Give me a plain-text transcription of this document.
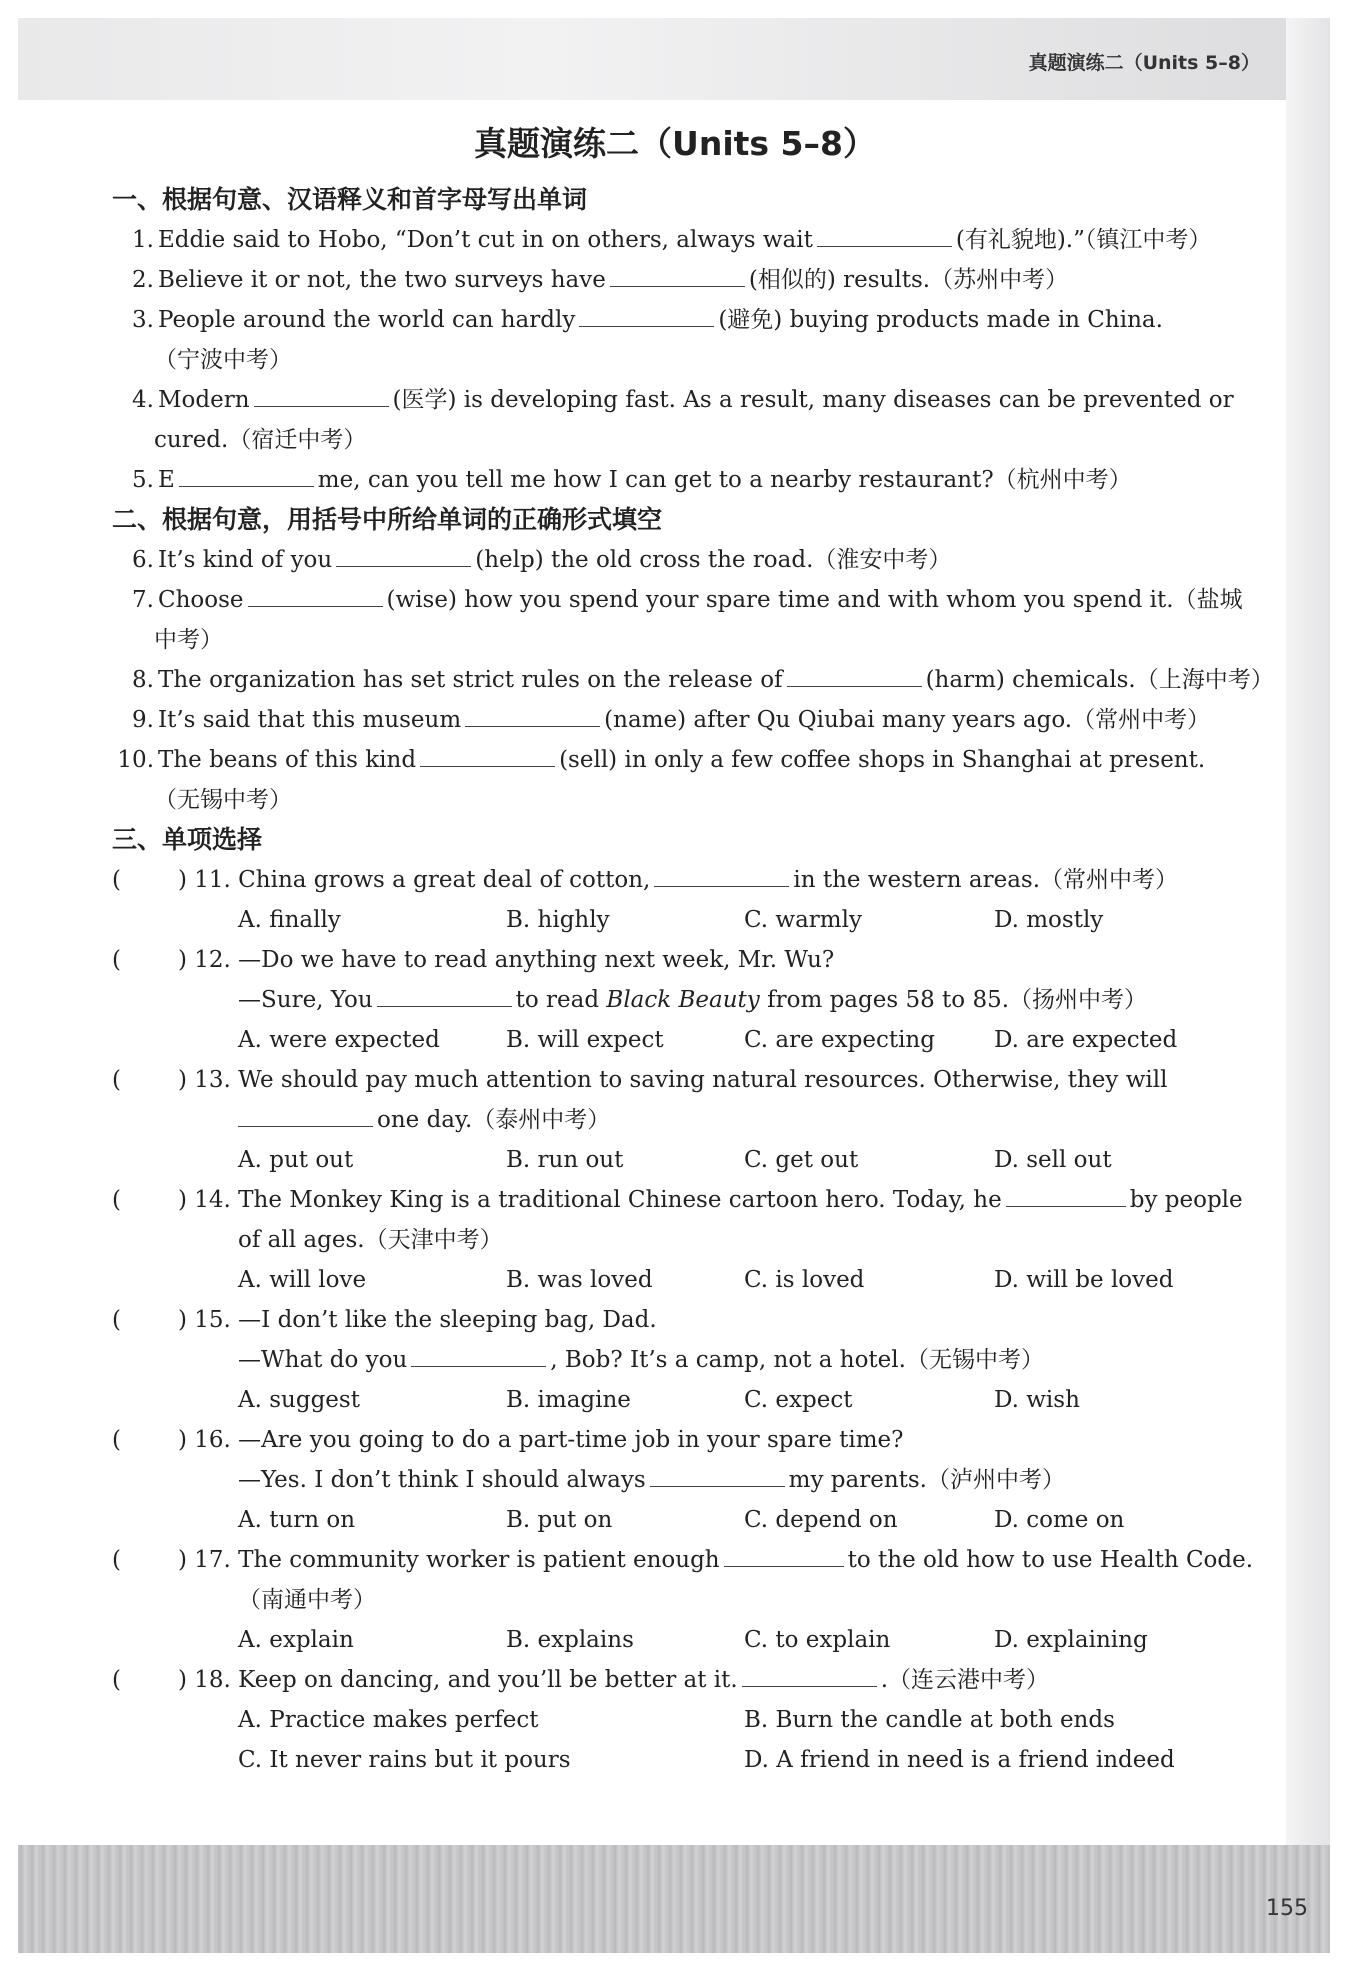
真题演练二（Units 5–8）
真题演练二（Units 5–8）
一、根据句意、汉语释义和首字母写出单词
1. Eddie said to Hobo, “Don’t cut in on others, always wait	(有礼貌地).”（镇江中考）
2. Believe it or not, the two surveys have	(相似的) results.（苏州中考）
3. People around the world can hardly	(避免) buying products made in China.
（宁波中考）
4. Modern	(医学) is developing fast. As a result, many diseases can be prevented or
cured.（宿迁中考）
5. E	me, can you tell me how I can get to a nearby restaurant?（杭州中考）
二、根据句意，用括号中所给单词的正确形式填空
6. It’s kind of you	(help) the old cross the road.（淮安中考）
7. Choose	(wise) how you spend your spare time and with whom you spend it.（盐城
中考）
8. The organization has set strict rules on the release of	(harm) chemicals.（上海中考）
9. It’s said that this museum	(name) after Qu Qiubai many years ago.（常州中考）
10. The beans of this kind	(sell) in only a few coffee shops in Shanghai at present.
（无锡中考）
三、单项选择
(	) 11. China grows a great deal of cotton,	in the western areas.（常州中考）
A. finally	B. highly	C. warmly	D. mostly
(	) 12. —Do we have to read anything next week, Mr. Wu?
—Sure, You	to read Black Beauty from pages 58 to 85.（扬州中考）
A. were expected	B. will expect	C. are expecting	D. are expected
(	) 13. We should pay much attention to saving natural resources. Otherwise, they will
one day.（泰州中考）
A. put out	B. run out	C. get out	D. sell out
(	) 14. The Monkey King is a traditional Chinese cartoon hero. Today, he	by people
of all ages.（天津中考）
A. will love	B. was loved	C. is loved	D. will be loved
(	) 15. —I don’t like the sleeping bag, Dad.
—What do you	, Bob? It’s a camp, not a hotel.（无锡中考）
A. suggest	B. imagine	C. expect	D. wish
(	) 16. —Are you going to do a part-time job in your spare time?
—Yes. I don’t think I should always	my parents.（泸州中考）
A. turn on	B. put on	C. depend on	D. come on
(	) 17. The community worker is patient enough	to the old how to use Health Code.
（南通中考）
A. explain	B. explains	C. to explain	D. explaining
(	) 18. Keep on dancing, and you’ll be better at it.	.（连云港中考）
A. Practice makes perfect	B. Burn the candle at both ends
C. It never rains but it pours	D. A friend in need is a friend indeed
155
